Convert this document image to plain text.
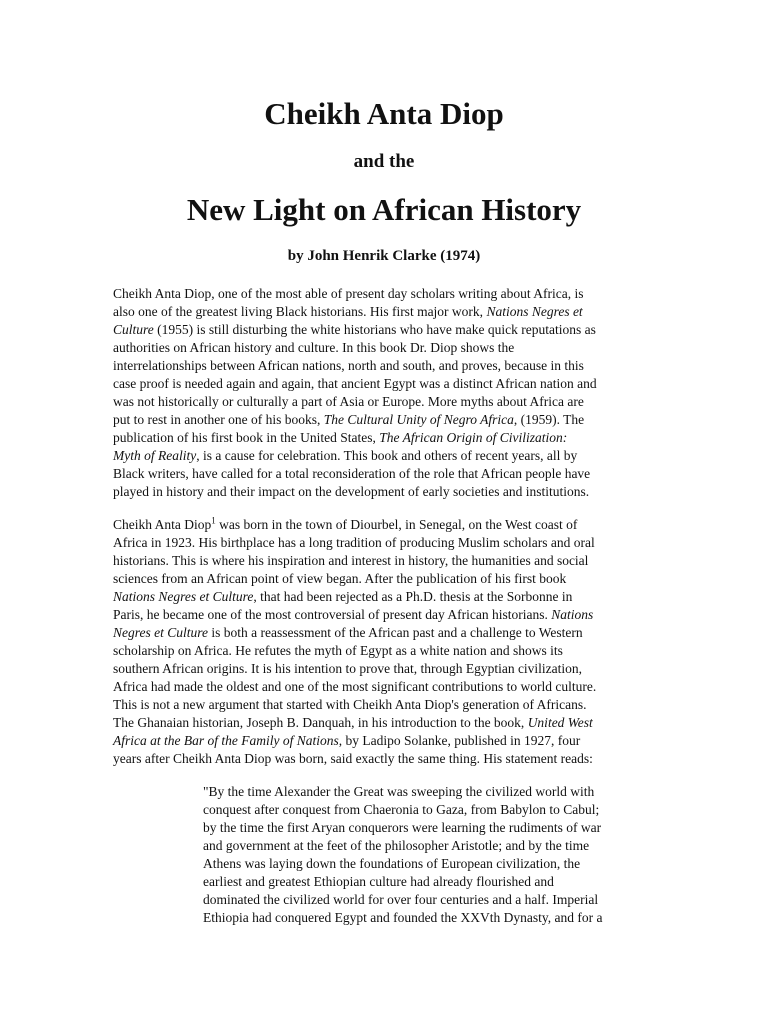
Cheikh Anta Diop
and the
New Light on African History
by John Henrik Clarke (1974)

Cheikh Anta Diop, one of the most able of present day scholars writing about Africa, is
also one of the greatest living Black historians. His first major work, Nations Negres et
Culture (1955) is still disturbing the white historians who have make quick reputations as
authorities on African history and culture. In this book Dr. Diop shows the
interrelationships between African nations, north and south, and proves, because in this
case proof is needed again and again, that ancient Egypt was a distinct African nation and
was not historically or culturally a part of Asia or Europe. More myths about Africa are
put to rest in another one of his books, The Cultural Unity of Negro Africa, (1959). The
publication of his first book in the United States, The African Origin of Civilization:
Myth of Reality, is a cause for celebration. This book and others of recent years, all by
Black writers, have called for a total reconsideration of the role that African people have
played in history and their impact on the development of early societies and institutions.

Cheikh Anta Diop$^1$ was born in the town of Diourbel, in Senegal, on the West coast of
Africa in 1923. His birthplace has a long tradition of producing Muslim scholars and oral
historians. This is where his inspiration and interest in history, the humanities and social
sciences from an African point of view began. After the publication of his first book
Nations Negres et Culture, that had been rejected as a Ph.D. thesis at the Sorbonne in
Paris, he became one of the most controversial of present day African historians. Nations
Negres et Culture is both a reassessment of the African past and a challenge to Western
scholarship on Africa. He refutes the myth of Egypt as a white nation and shows its
southern African origins. It is his intention to prove that, through Egyptian civilization,
Africa had made the oldest and one of the most significant contributions to world culture.
This is not a new argument that started with Cheikh Anta Diop's generation of Africans.
The Ghanaian historian, Joseph B. Danquah, in his introduction to the book, United West
Africa at the Bar of the Family of Nations, by Ladipo Solanke, published in 1927, four
years after Cheikh Anta Diop was born, said exactly the same thing. His statement reads:

"By the time Alexander the Great was sweeping the civilized world with
conquest after conquest from Chaeronia to Gaza, from Babylon to Cabul;
by the time the first Aryan conquerors were learning the rudiments of war
and government at the feet of the philosopher Aristotle; and by the time
Athens was laying down the foundations of European civilization, the
earliest and greatest Ethiopian culture had already flourished and
dominated the civilized world for over four centuries and a half. Imperial
Ethiopia had conquered Egypt and founded the XXVth Dynasty, and for a
